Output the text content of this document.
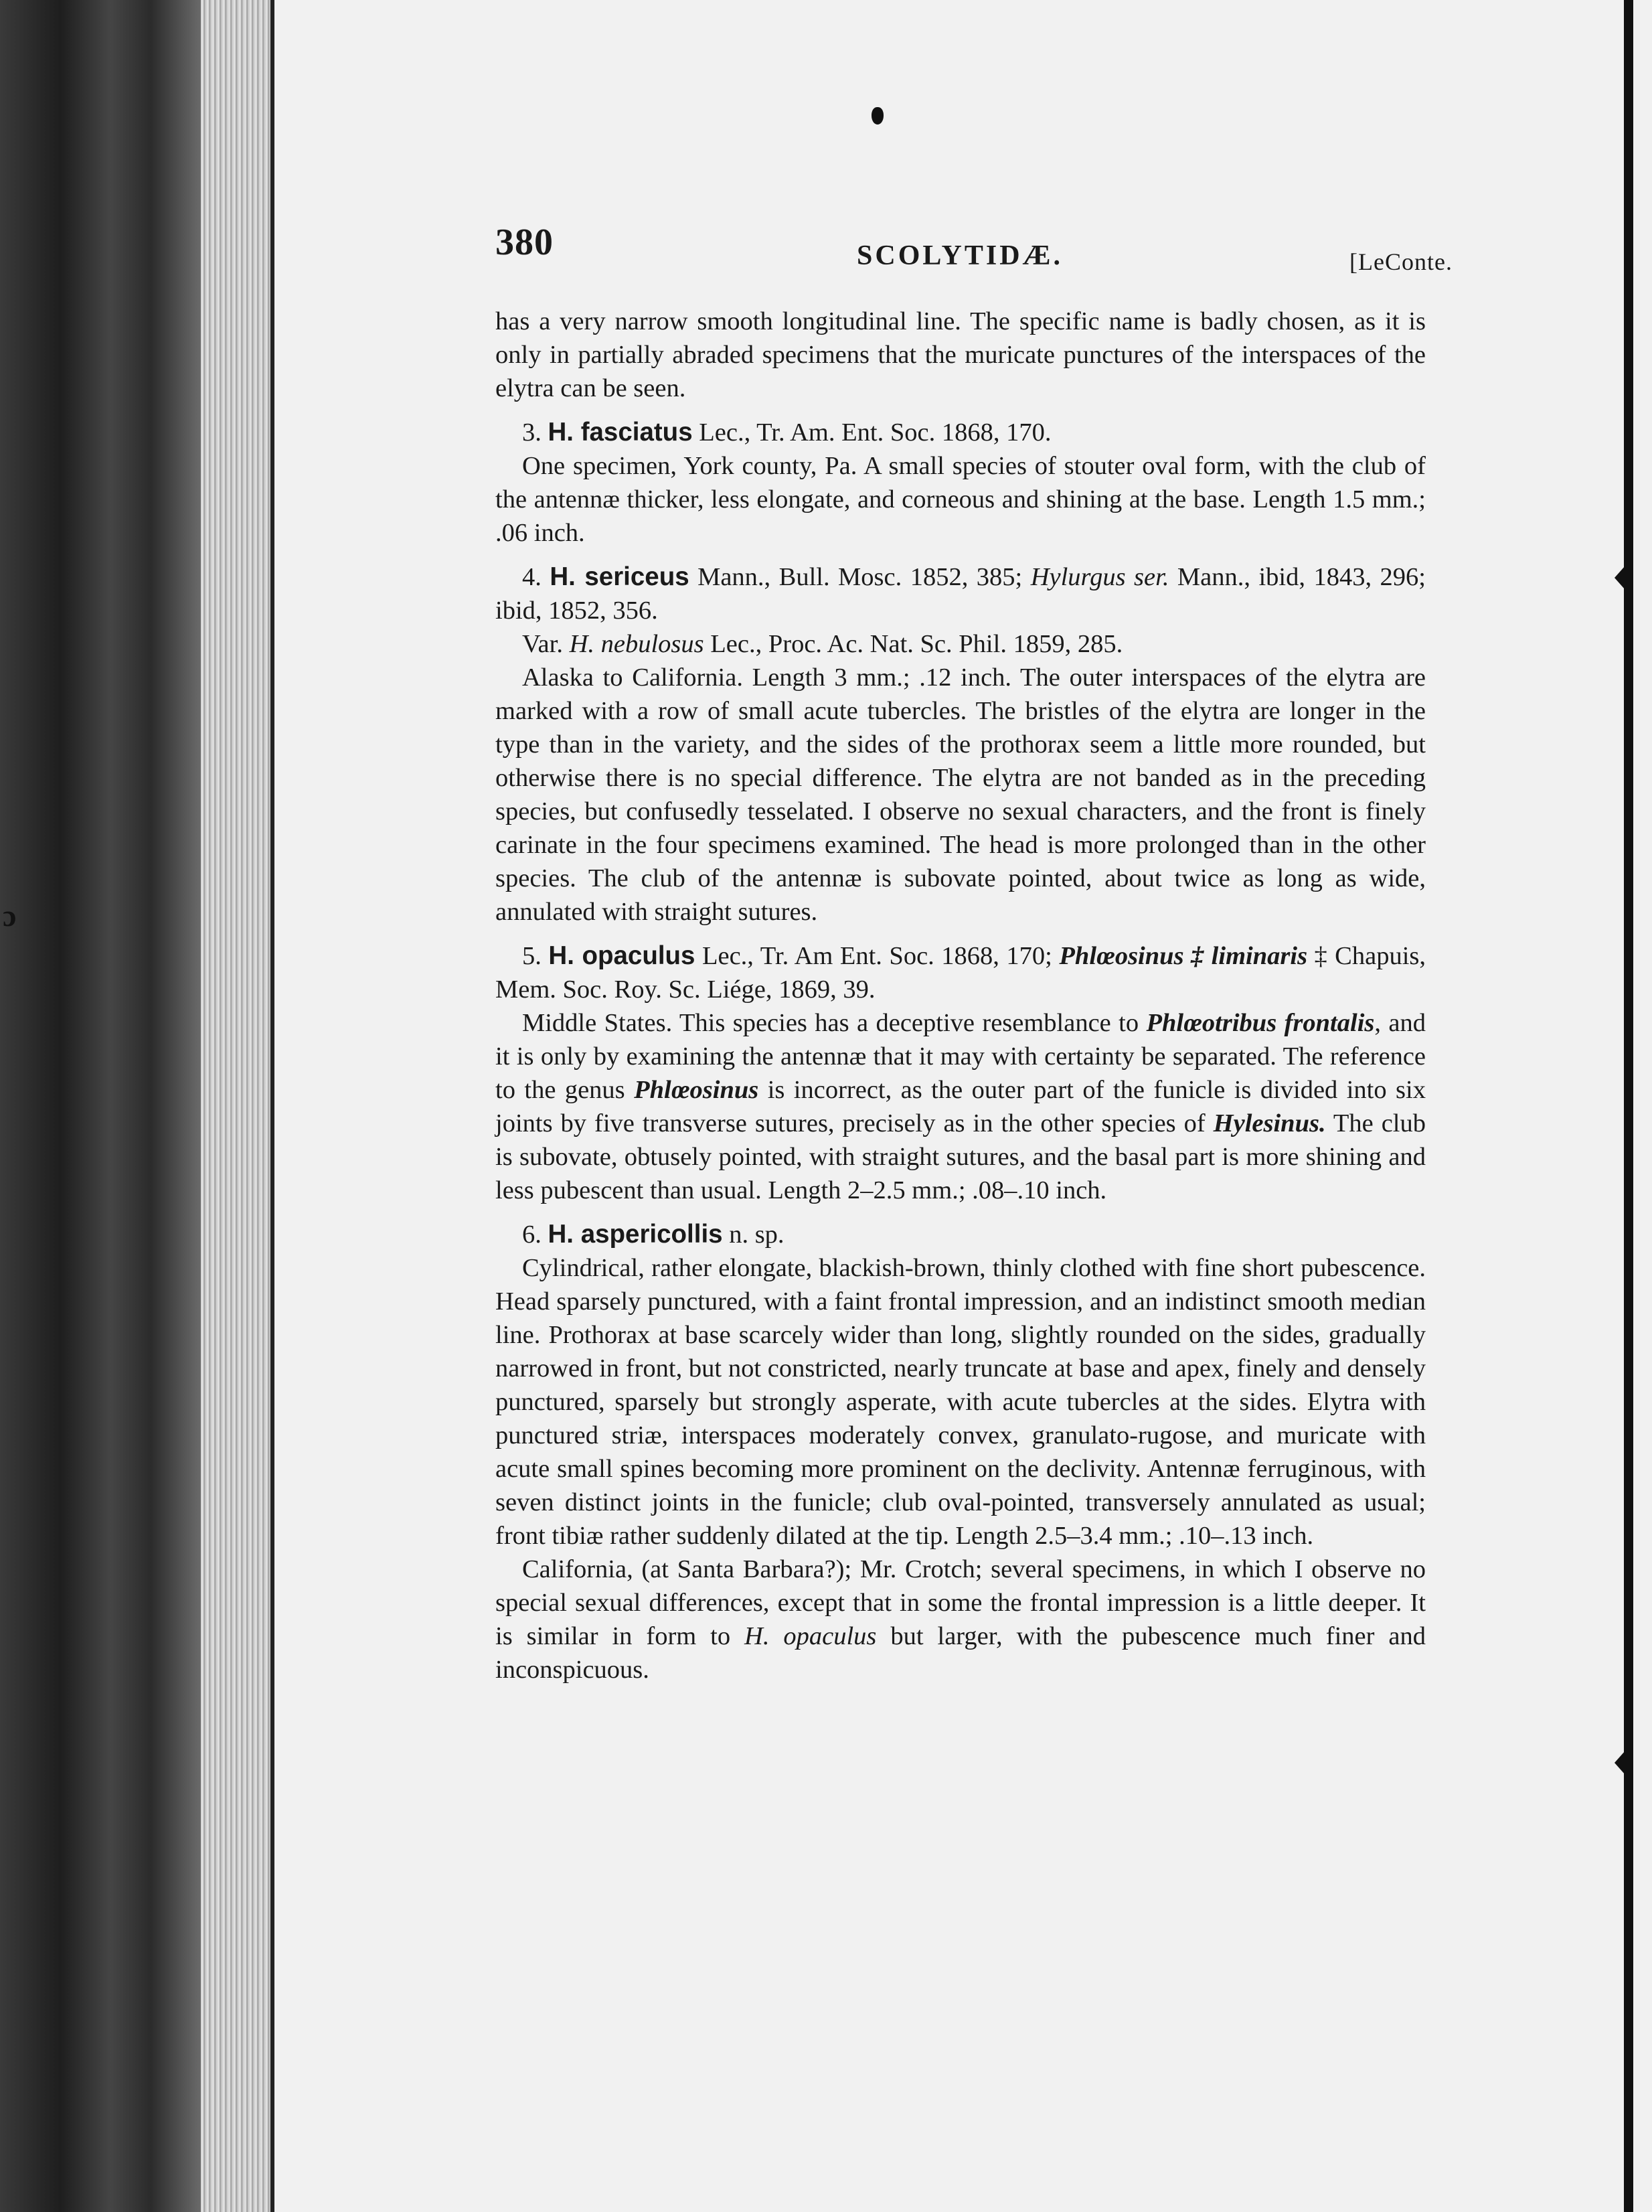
ɔ
380	SCOLYTIDÆ.	[LeConte.

has a very narrow smooth longitudinal line. The specific name is badly chosen, as it is only in partially abraded specimens that the muricate punctures of the interspaces of the elytra can be seen.

3. H. fasciatus Lec., Tr. Am. Ent. Soc. 1868, 170.

One specimen, York county, Pa. A small species of stouter oval form, with the club of the antennæ thicker, less elongate, and corneous and shining at the base. Length 1.5 mm.; .06 inch.

4. H. sericeus Mann., Bull. Mosc. 1852, 385; Hylurgus ser. Mann., ibid, 1843, 296; ibid, 1852, 356.

Var. H. nebulosus Lec., Proc. Ac. Nat. Sc. Phil. 1859, 285.

Alaska to California. Length 3 mm.; .12 inch. The outer interspaces of the elytra are marked with a row of small acute tubercles. The bristles of the elytra are longer in the type than in the variety, and the sides of the prothorax seem a little more rounded, but otherwise there is no special difference. The elytra are not banded as in the preceding species, but confusedly tesselated. I observe no sexual characters, and the front is finely carinate in the four specimens examined. The head is more prolonged than in the other species. The club of the antennæ is subovate pointed, about twice as long as wide, annulated with straight sutures.

5. H. opaculus Lec., Tr. Am Ent. Soc. 1868, 170; Phlœosinus ‡ liminaris ‡ Chapuis, Mem. Soc. Roy. Sc. Liége, 1869, 39.

Middle States. This species has a deceptive resemblance to Phlœotribus frontalis, and it is only by examining the antennæ that it may with certainty be separated. The reference to the genus Phlœosinus is incorrect, as the outer part of the funicle is divided into six joints by five transverse sutures, precisely as in the other species of Hylesinus. The club is subovate, obtusely pointed, with straight sutures, and the basal part is more shining and less pubescent than usual. Length 2–2.5 mm.; .08–.10 inch.

6. H. aspericollis n. sp.

Cylindrical, rather elongate, blackish-brown, thinly clothed with fine short pubescence. Head sparsely punctured, with a faint frontal impression, and an indistinct smooth median line. Prothorax at base scarcely wider than long, slightly rounded on the sides, gradually narrowed in front, but not constricted, nearly truncate at base and apex, finely and densely punctured, sparsely but strongly asperate, with acute tubercles at the sides. Elytra with punctured striæ, interspaces moderately convex, granulato-rugose, and muricate with acute small spines becoming more prominent on the declivity. Antennæ ferruginous, with seven distinct joints in the funicle; club oval-pointed, transversely annulated as usual; front tibiæ rather suddenly dilated at the tip. Length 2.5–3.4 mm.; .10–.13 inch.

California, (at Santa Barbara?); Mr. Crotch; several specimens, in which I observe no special sexual differences, except that in some the frontal impression is a little deeper. It is similar in form to H. opaculus but larger, with the pubescence much finer and inconspicuous.
